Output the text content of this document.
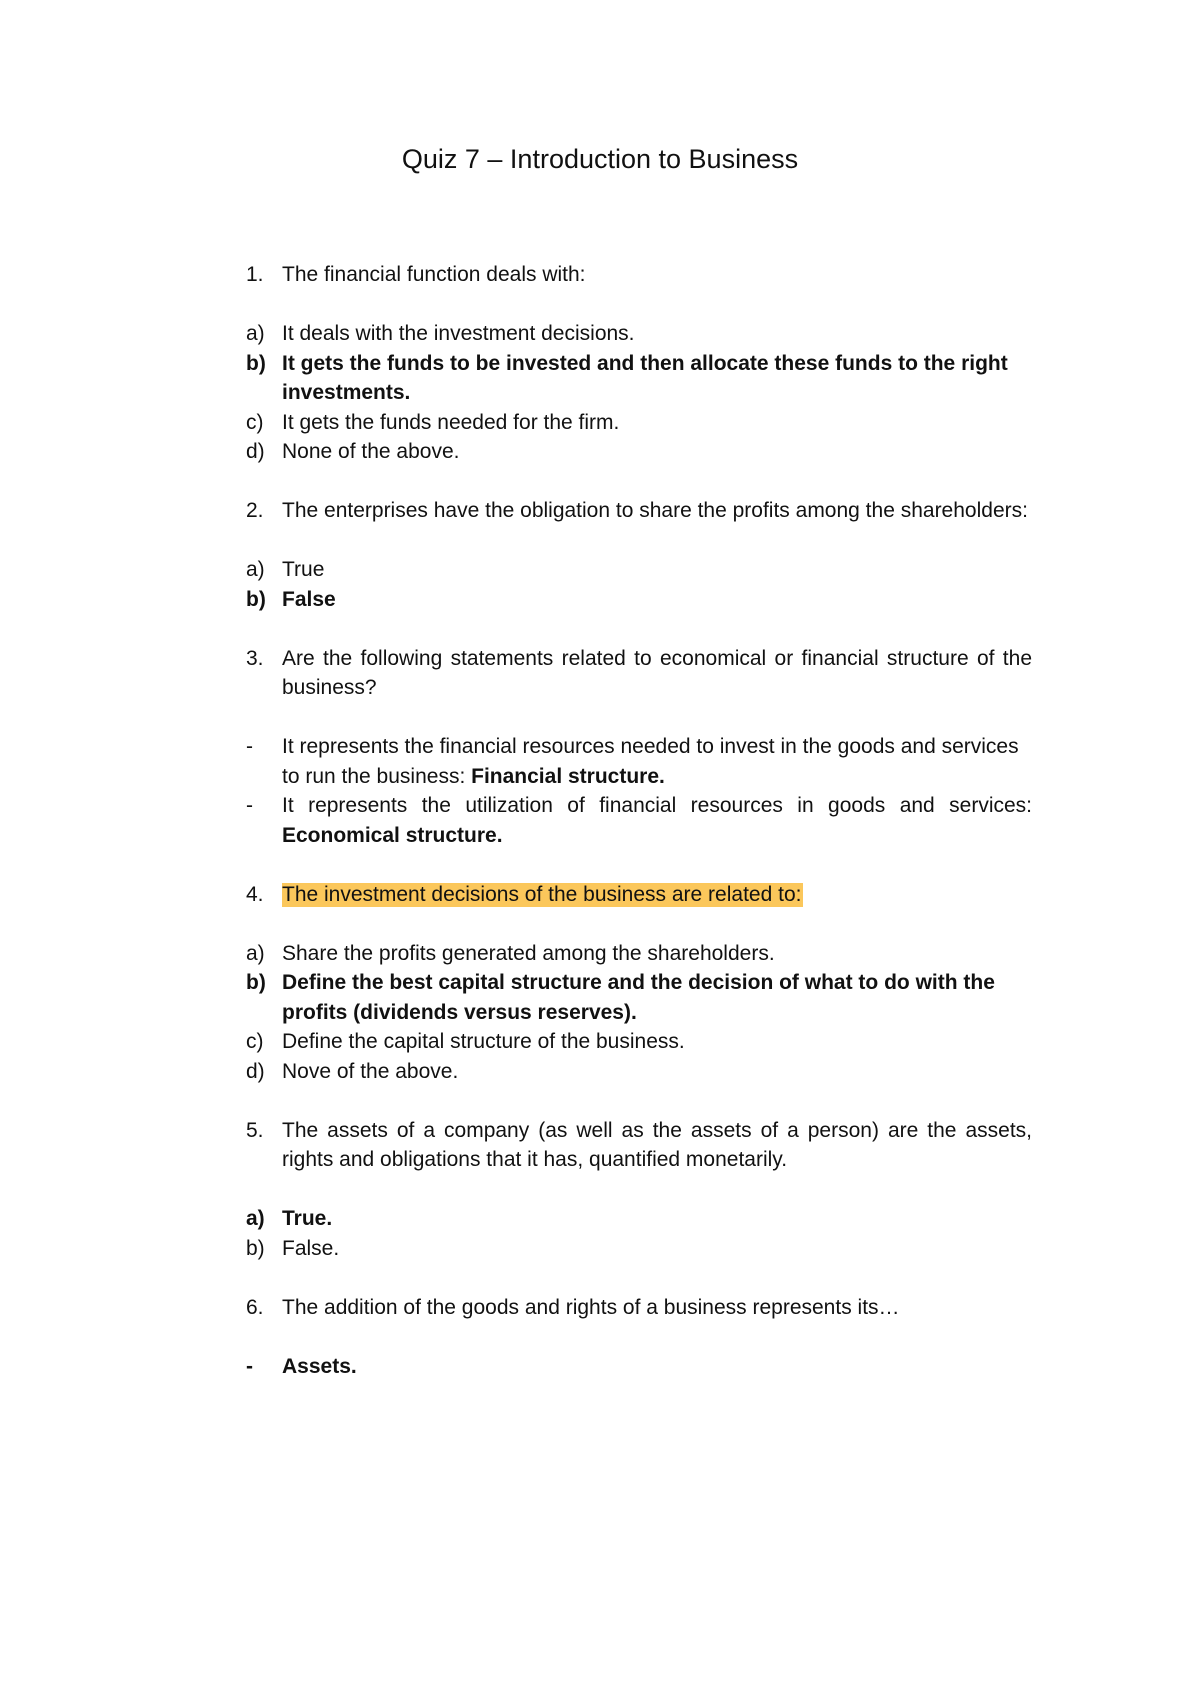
Quiz 7 – Introduction to Business
1. The financial function deals with:
a) It deals with the investment decisions.
b) It gets the funds to be invested and then allocate these funds to the right investments.
c) It gets the funds needed for the firm.
d) None of the above.
2. The enterprises have the obligation to share the profits among the shareholders:
a) True
b) False
3. Are the following statements related to economical or financial structure of the business?
-	It represents the financial resources needed to invest in the goods and services to run the business: Financial structure.
-	It represents the utilization of financial resources in goods and services: Economical structure.
4. The investment decisions of the business are related to:
a) Share the profits generated among the shareholders.
b) Define the best capital structure and the decision of what to do with the profits (dividends versus reserves).
c) Define the capital structure of the business.
d) Nove of the above.
5. The assets of a company (as well as the assets of a person) are the assets, rights and obligations that it has, quantified monetarily.
a) True.
b) False.
6. The addition of the goods and rights of a business represents its…
-	Assets.
